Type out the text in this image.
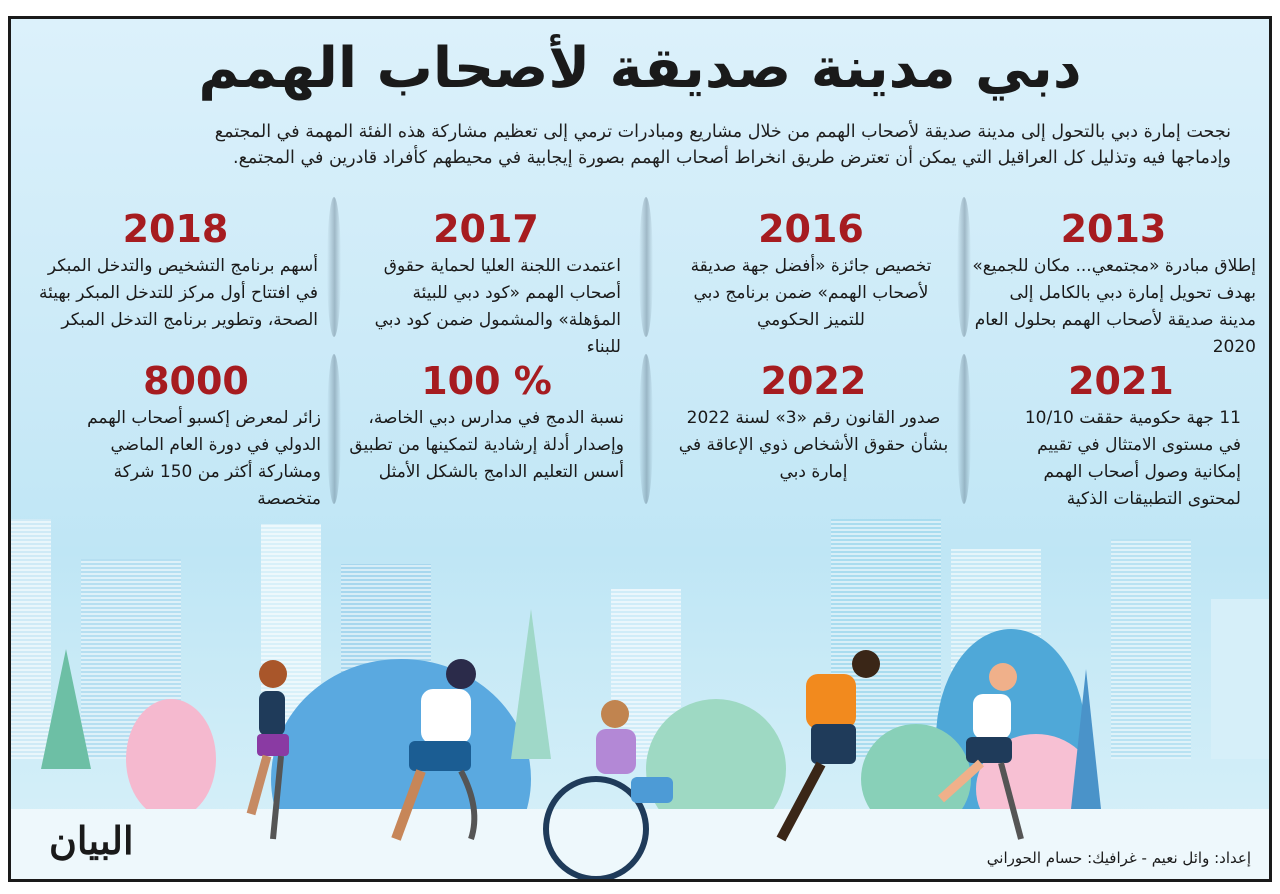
دبي مدينة صديقة لأصحاب الهمم
نجحت إمارة دبي بالتحول إلى مدينة صديقة لأصحاب الهمم من خلال مشاريع ومبادرات ترمي إلى تعظيم مشاركة هذه الفئة المهمة في المجتمع وإدماجها فيه وتذليل كل العراقيل التي يمكن أن تعترض طريق انخراط أصحاب الهمم بصورة إيجابية في محيطهم كأفراد قادرين في المجتمع.
2013
إطلاق مبادرة «مجتمعي... مكان للجميع» بهدف تحويل إمارة دبي بالكامل إلى مدينة صديقة لأصحاب الهمم بحلول العام 2020
2016
تخصيص جائزة «أفضل جهة صديقة لأصحاب الهمم» ضمن برنامج دبي للتميز الحكومي
2017
اعتمدت اللجنة العليا لحماية حقوق أصحاب الهمم «كود دبي للبيئة المؤهلة» والمشمول ضمن كود دبي للبناء
2018
أسهم برنامج التشخيص والتدخل المبكر في افتتاح أول مركز للتدخل المبكر بهيئة الصحة، وتطوير برنامج التدخل المبكر
2021
11 جهة حكومية حققت 10/10 في مستوى الامتثال في تقييم إمكانية وصول أصحاب الهمم لمحتوى التطبيقات الذكية
2022
صدور القانون رقم «3» لسنة 2022 بشأن حقوق الأشخاص ذوي الإعاقة في إمارة دبي
100 %
نسبة الدمج في مدارس دبي الخاصة، وإصدار أدلة إرشادية لتمكينها من تطبيق أسس التعليم الدامج بالشكل الأمثل
8000
زائر لمعرض إكسبو أصحاب الهمم الدولي في دورة العام الماضي ومشاركة أكثر من 150 شركة متخصصة
البيان	إعداد: وائل نعيم - غرافيك: حسام الحوراني
